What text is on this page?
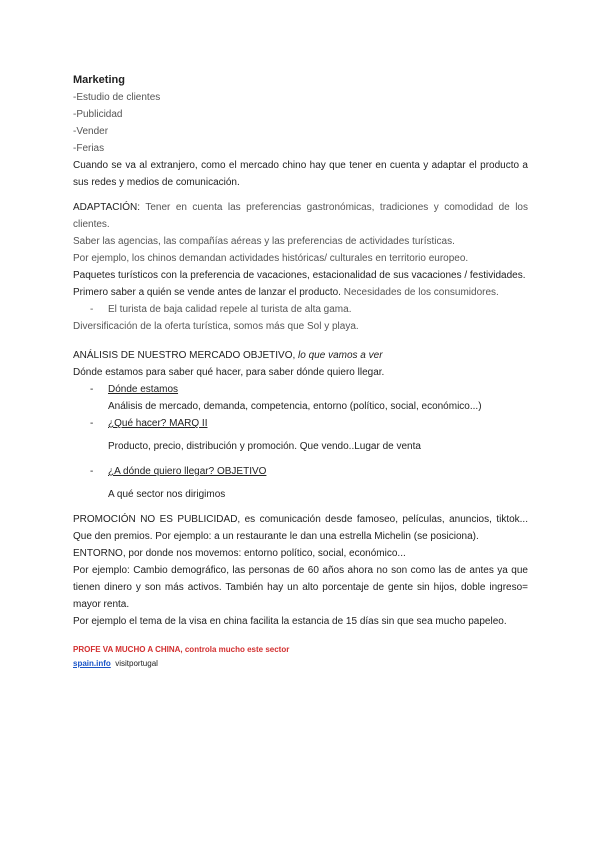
Marketing
-Estudio de clientes
-Publicidad
-Vender
-Ferias
Cuando se va al extranjero, como el mercado chino hay que tener en cuenta y adaptar el producto a sus redes y medios de comunicación.
ADAPTACIÓN: Tener en cuenta las preferencias gastronómicas, tradiciones y comodidad de los clientes.
Saber las agencias, las compañías aéreas y las preferencias de actividades turísticas.
Por ejemplo, los chinos demandan actividades históricas/ culturales en territorio europeo.
Paquetes turísticos con la preferencia de vacaciones, estacionalidad de sus vacaciones / festividades.
Primero saber a quién se vende antes de lanzar el producto. Necesidades de los consumidores.
- El turista de baja calidad repele al turista de alta gama.
Diversificación de la oferta turística, somos más que Sol y playa.
ANÁLISIS DE NUESTRO MERCADO OBJETIVO, lo que vamos a ver
Dónde estamos para saber qué hacer, para saber dónde quiero llegar.
- Dónde estamos
Análisis de mercado, demanda, competencia, entorno (político, social, económico...)
- ¿Qué hacer? MARQ II
Producto, precio, distribución y promoción. Que vendo..Lugar de venta
- ¿A dónde quiero llegar? OBJETIVO
A qué sector nos dirigimos
PROMOCIÓN NO ES PUBLICIDAD, es comunicación desde famoseo, películas, anuncios, tiktok... Que den premios. Por ejemplo: a un restaurante le dan una estrella Michelin (se posiciona).
ENTORNO, por donde nos movemos: entorno político, social, económico...
Por ejemplo: Cambio demográfico, las personas de 60 años ahora no son como las de antes ya que tienen dinero y son más activos. También hay un alto porcentaje de gente sin hijos, doble ingreso= mayor renta.
Por ejemplo el tema de la visa en china facilita la estancia de 15 días sin que sea mucho papeleo.
PROFE VA MUCHO A CHINA, controla mucho este sector
spain.info visitportugal
